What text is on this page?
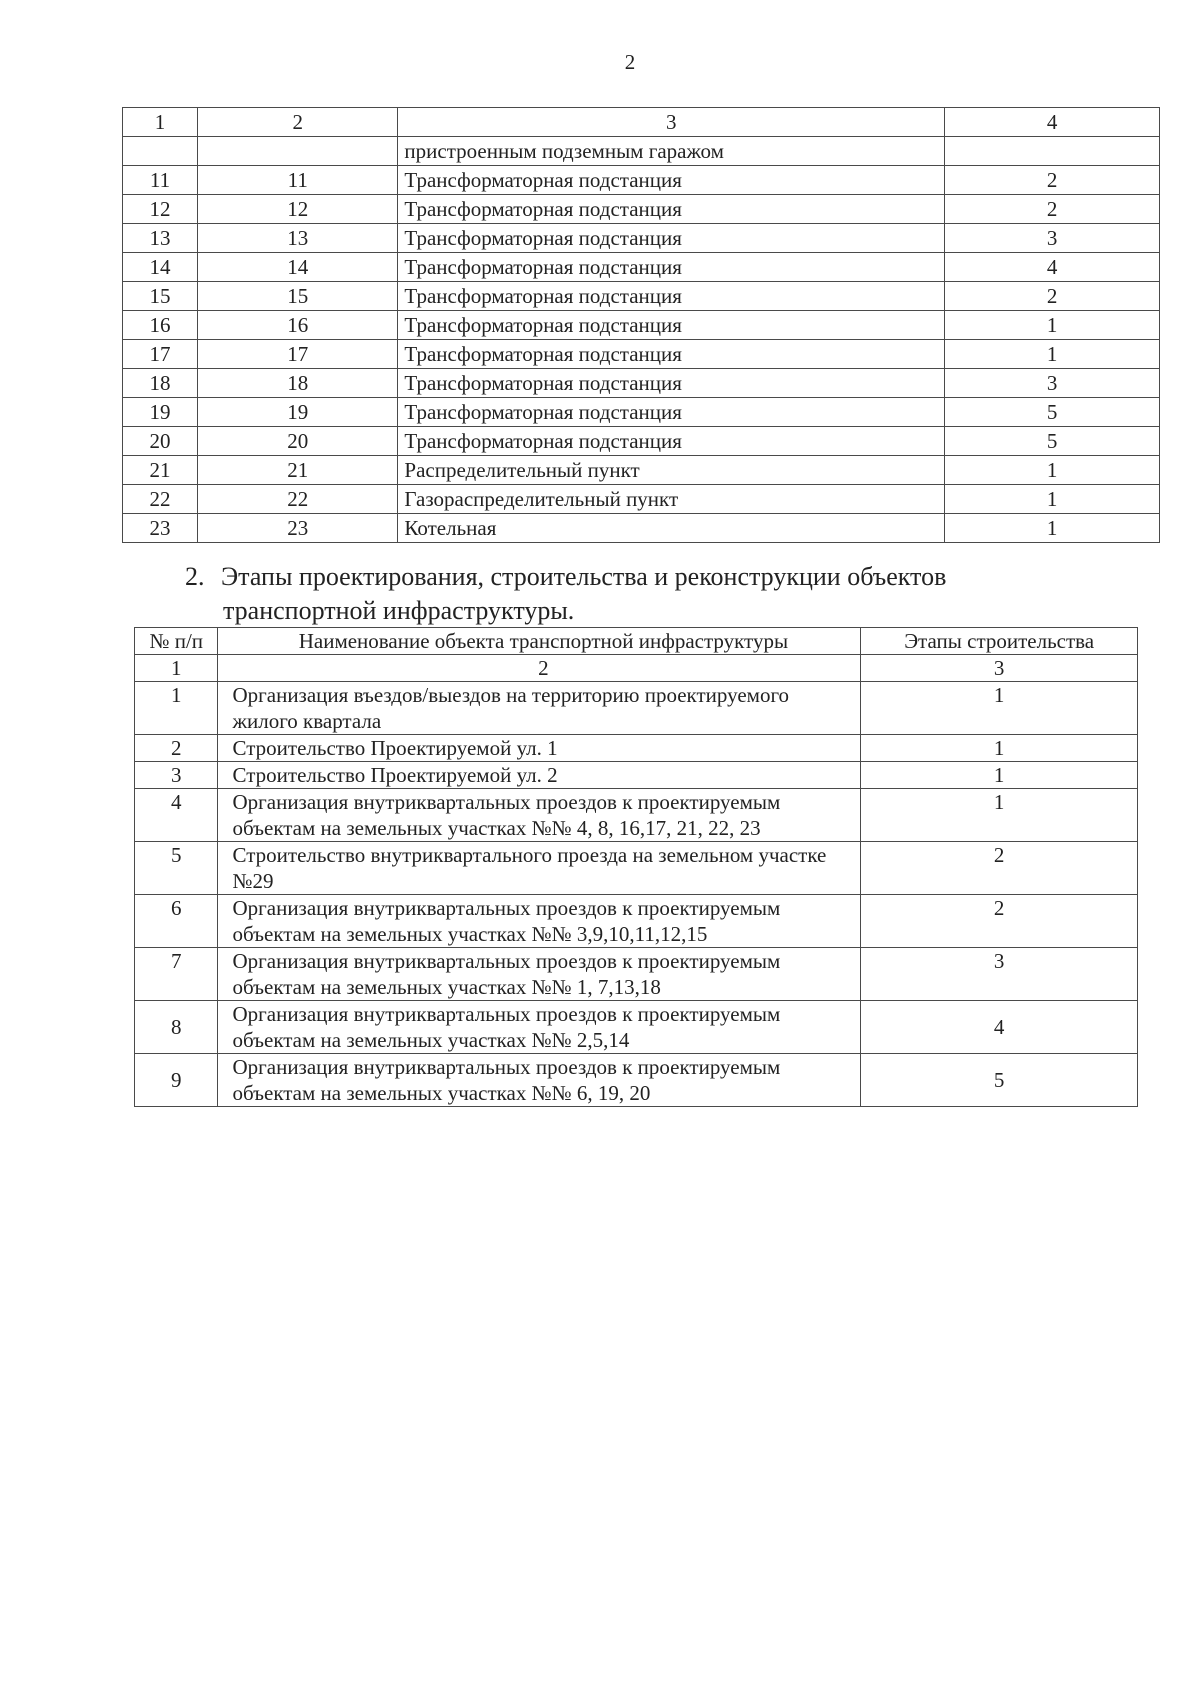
2
1	2	3	4
		пристроенным подземным гаражом	
11	11	Трансформаторная подстанция	2
12	12	Трансформаторная подстанция	2
13	13	Трансформаторная подстанция	3
14	14	Трансформаторная подстанция	4
15	15	Трансформаторная подстанция	2
16	16	Трансформаторная подстанция	1
17	17	Трансформаторная подстанция	1
18	18	Трансформаторная подстанция	3
19	19	Трансформаторная подстанция	5
20	20	Трансформаторная подстанция	5
21	21	Распределительный пункт	1
22	22	Газораспределительный пункт	1
23	23	Котельная	1
2. Этапы проектирования, строительства и реконструкции объектов
транспортной инфраструктуры.
№ п/п	Наименование объекта транспортной инфраструктуры	Этапы строительства
1	2	3
1	Организация въездов/выездов на территорию проектируемого жилого квартала	1
2	Строительство Проектируемой ул. 1	1
3	Строительство Проектируемой ул. 2	1
4	Организация внутриквартальных проездов к проектируемым объектам на земельных участках №№ 4, 8, 16,17, 21, 22, 23	1
5	Строительство внутриквартального проезда на земельном участке №29	2
6	Организация внутриквартальных проездов к проектируемым объектам на земельных участках №№ 3,9,10,11,12,15	2
7	Организация внутриквартальных проездов к проектируемым объектам на земельных участках №№ 1, 7,13,18	3
8	Организация внутриквартальных проездов к проектируемым объектам на земельных участках №№ 2,5,14	4
9	Организация внутриквартальных проездов к проектируемым объектам на земельных участках №№ 6, 19, 20	5
